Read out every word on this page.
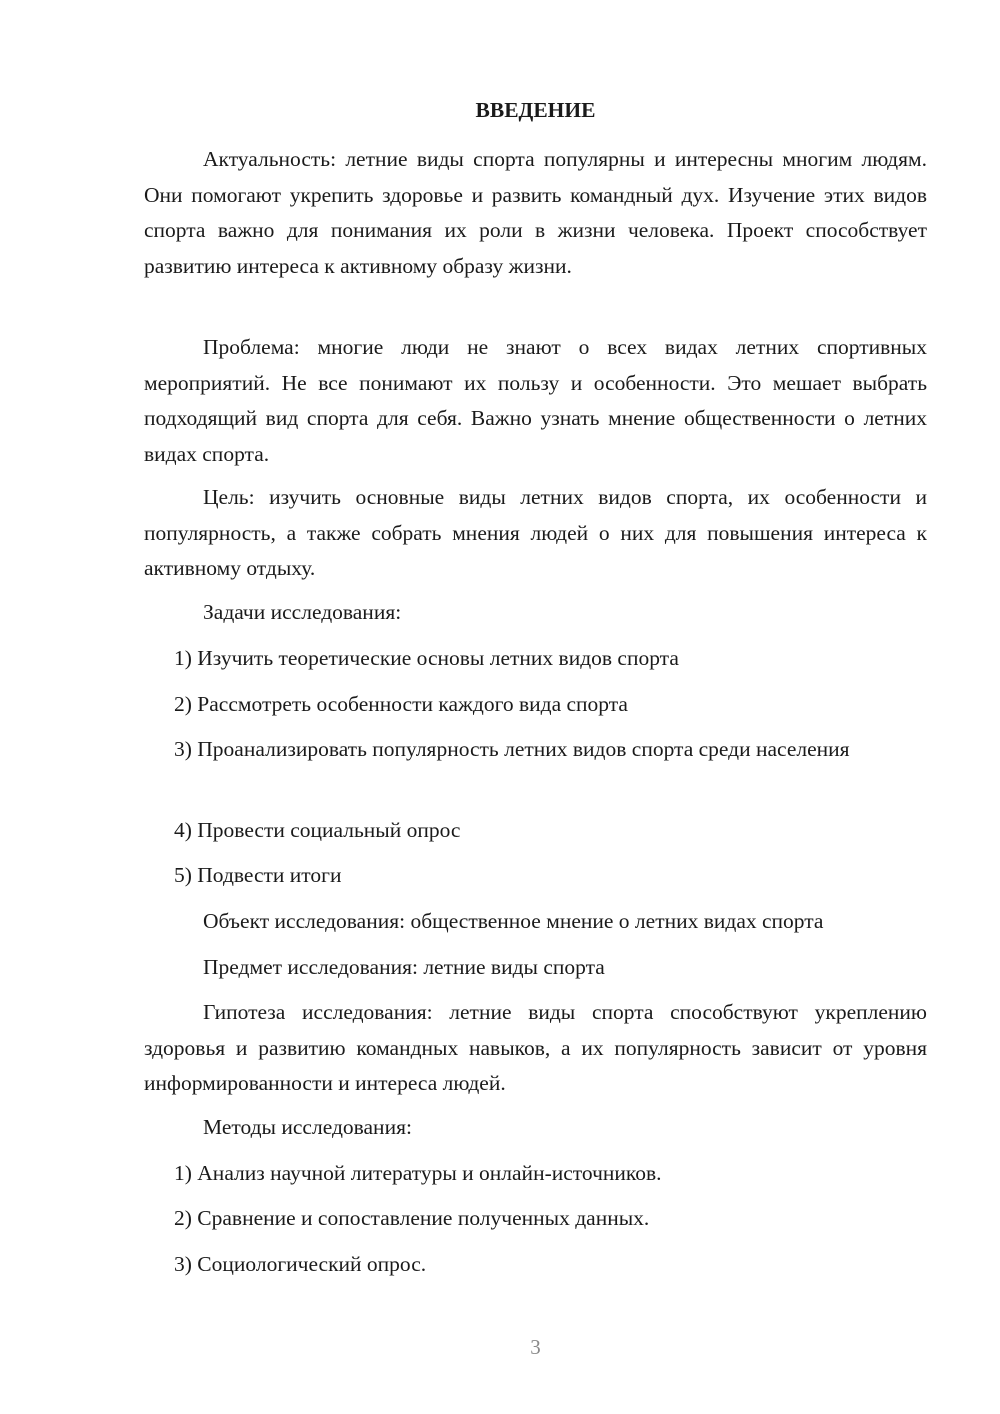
ВВЕДЕНИЕ

Актуальность: летние виды спорта популярны и интересны многим людям. Они помогают укрепить здоровье и развить командный дух. Изучение этих видов спорта важно для понимания их роли в жизни человека. Проект способствует развитию интереса к активному образу жизни.

Проблема: многие люди не знают о всех видах летних спортивных мероприятий. Не все понимают их пользу и особенности. Это мешает выбрать подходящий вид спорта для себя. Важно узнать мнение общественности о летних видах спорта.

Цель: изучить основные виды летних видов спорта, их особенности и популярность, а также собрать мнения людей о них для повышения интереса к активному отдыху.

Задачи исследования:

1) Изучить теоретические основы летних видов спорта

2) Рассмотреть особенности каждого вида спорта

3) Проанализировать популярность летних видов спорта среди населения

4) Провести социальный опрос

5) Подвести итоги

Объект исследования: общественное мнение о летних видах спорта

Предмет исследования: летние виды спорта

Гипотеза исследования: летние виды спорта способствуют укреплению здоровья и развитию командных навыков, а их популярность зависит от уровня информированности и интереса людей.

Методы исследования:

1) Анализ научной литературы и онлайн-источников.

2) Сравнение и сопоставление полученных данных.

3) Социологический опрос.

3
